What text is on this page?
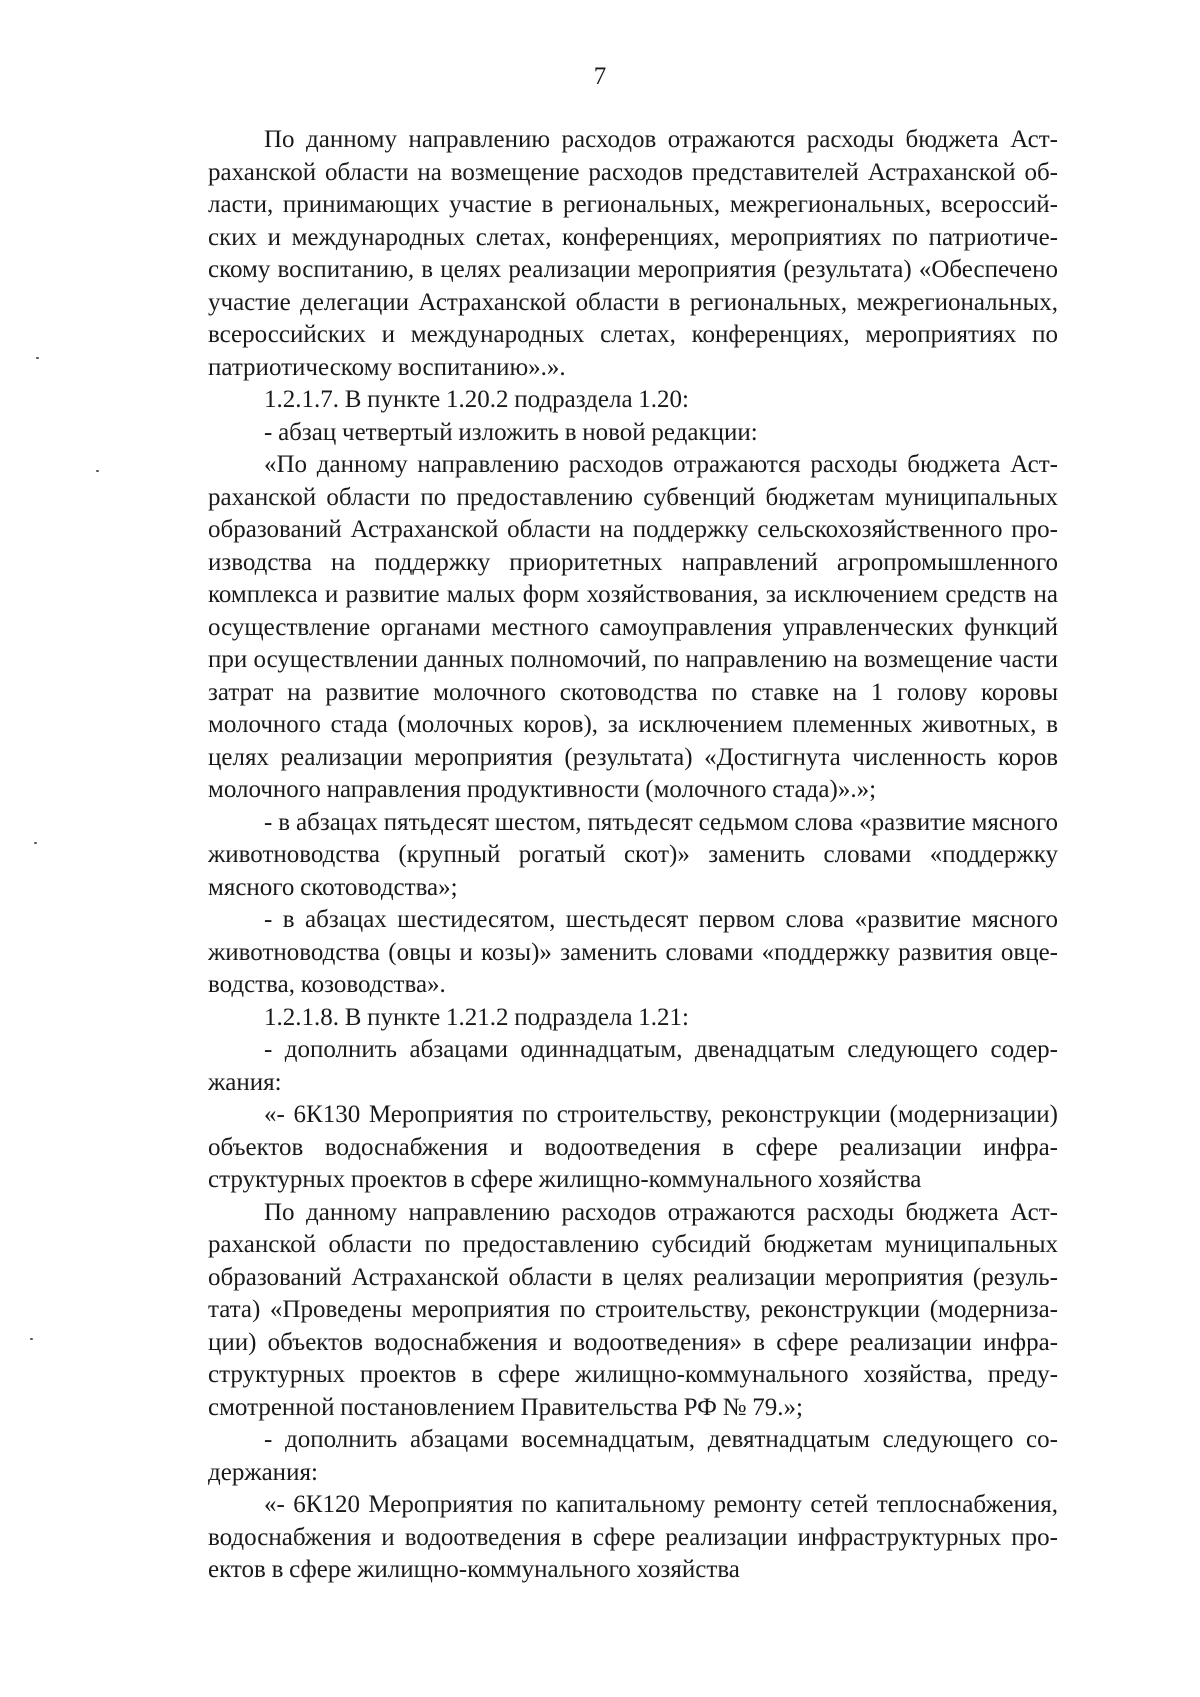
7

По данному направлению расходов отражаются расходы бюджета Астраханской области на возмещение расходов представителей Астраханской области, принимающих участие в региональных, межрегиональных, всероссийских и международных слетах, конференциях, мероприятиях по патриотическому воспитанию, в целях реализации мероприятия (результата) «Обеспечено участие делегации Астраханской области в региональных, межрегиональных, всероссийских и международных слетах, конференциях, мероприятиях по патриотическому воспитанию».».

1.2.1.7. В пункте 1.20.2 подраздела 1.20:

- абзац четвертый изложить в новой редакции:

«По данному направлению расходов отражаются расходы бюджета Астраханской области по предоставлению субвенций бюджетам муниципальных образований Астраханской области на поддержку сельскохозяйственного производства на поддержку приоритетных направлений агропромышленного комплекса и развитие малых форм хозяйствования, за исключением средств на осуществление органами местного самоуправления управленческих функций при осуществлении данных полномочий, по направлению на возмещение части затрат на развитие молочного скотоводства по ставке на 1 голову коровы молочного стада (молочных коров), за исключением племенных животных, в целях реализации мероприятия (результата) «Достигнута численность коров молочного направления продуктивности (молочного стада)».»;

- в абзацах пятьдесят шестом, пятьдесят седьмом слова «развитие мясного животноводства (крупный рогатый скот)» заменить словами «поддержку мясного скотоводства»;

- в абзацах шестидесятом, шестьдесят первом слова «развитие мясного животноводства (овцы и козы)» заменить словами «поддержку развития овцеводства, козоводства».

1.2.1.8. В пункте 1.21.2 подраздела 1.21:

- дополнить абзацами одиннадцатым, двенадцатым следующего содержания:

«- 6К130 Мероприятия по строительству, реконструкции (модернизации) объектов водоснабжения и водоотведения в сфере реализации инфраструктурных проектов в сфере жилищно-коммунального хозяйства

По данному направлению расходов отражаются расходы бюджета Астраханской области по предоставлению субсидий бюджетам муниципальных образований Астраханской области в целях реализации мероприятия (результата) «Проведены мероприятия по строительству, реконструкции (модернизации) объектов водоснабжения и водоотведения» в сфере реализации инфраструктурных проектов в сфере жилищно-коммунального хозяйства, предусмотренной постановлением Правительства РФ № 79.»;

- дополнить абзацами восемнадцатым, девятнадцатым следующего содержания:

«- 6К120 Мероприятия по капитальному ремонту сетей теплоснабжения, водоснабжения и водоотведения в сфере реализации инфраструктурных проектов в сфере жилищно-коммунального хозяйства
